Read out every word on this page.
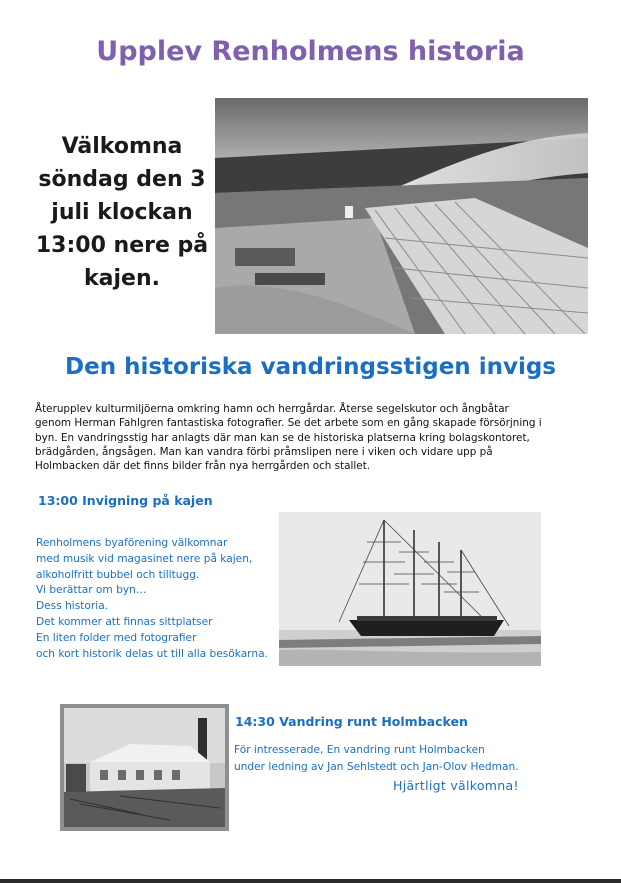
Upplev Renholmens historia
Välkomna
söndag den 3
juli klockan
13:00 nere på
kajen.
Den historiska vandringsstigen invigs
Återupplev kulturmiljöerna omkring hamn och herrgårdar. Återse segelskutor och ångbåtar
genom Herman Fahlgren fantastiska fotografier. Se det arbete som en gång skapade försörjning i
byn. En vandringsstig har anlagts där man kan se de historiska platserna kring bolagskontoret,
brädgården, ångsågen. Man kan vandra förbi pråmslipen nere i viken och vidare upp på
Holmbacken där det finns bilder från nya herrgården och stallet.
13:00 Invigning på kajen
Renholmens byaförening välkomnar
med musik vid magasinet nere på kajen,
alkoholfritt bubbel och tilltugg.
Vi berättar om byn…
Dess historia.
Det kommer att finnas sittplatser
En liten folder med fotografier
och kort historik delas ut till alla besökarna.
14:30 Vandring runt Holmbacken
För intresserade, En vandring runt Holmbacken
under ledning av Jan Sehlstedt och Jan-Olov Hedman.
Hjärtligt välkomna!
